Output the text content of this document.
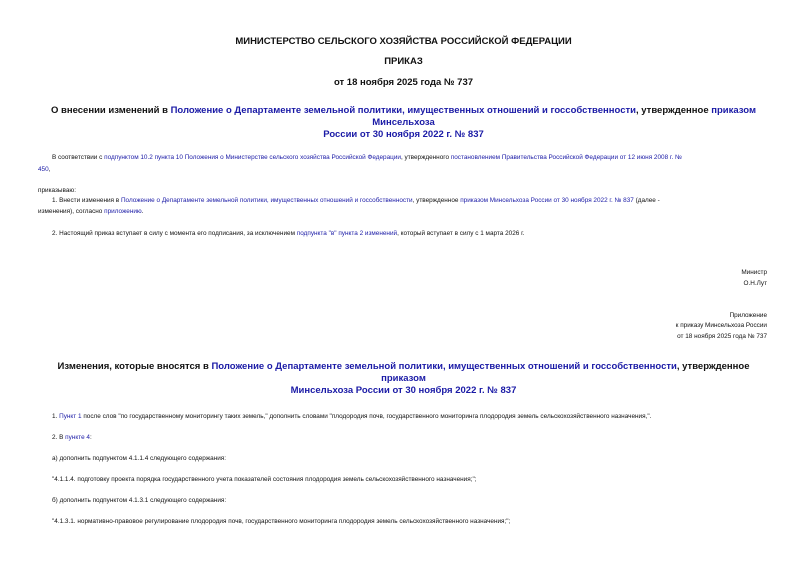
МИНИСТЕРСТВО СЕЛЬСКОГО ХОЗЯЙСТВА РОССИЙСКОЙ ФЕДЕРАЦИИ
ПРИКАЗ
от 18 ноября 2025 года № 737
О внесении изменений в Положение о Департаменте земельной политики, имущественных отношений и госсобственности, утвержденное приказом Минсельхоза
России от 30 ноября 2022 г. № 837
В соответствии с подпунктом 10.2 пункта 10 Положения о Министерстве сельского хозяйства Российской Федерации, утвержденного постановлением Правительства Российской Федерации от 12 июня 2008 г. №
450,
приказываю:
1. Внести изменения в Положение о Департаменте земельной политики, имущественных отношений и госсобственности, утвержденное приказом Минсельхоза России от 30 ноября 2022 г. № 837 (далее -
изменения), согласно приложению.
2. Настоящий приказ вступает в силу с момента его подписания, за исключением подпункта "в" пункта 2 изменений, который вступает в силу с 1 марта 2026 г.
Министр
О.Н.Лут
Приложение
к приказу Минсельхоза России
от 18 ноября 2025 года № 737
Изменения, которые вносятся в Положение о Департаменте земельной политики, имущественных отношений и госсобственности, утвержденное приказом
Минсельхоза России от 30 ноября 2022 г. № 837
1. Пункт 1 после слов "по государственному мониторингу таких земель," дополнить словами "плодородия почв, государственного мониторинга плодородия земель сельскохозяйственного назначения,".
2. В пункте 4:
а) дополнить подпунктом 4.1.1.4 следующего содержания:
"4.1.1.4. подготовку проекта порядка государственного учета показателей состояния плодородия земель сельскохозяйственного назначения;";
б) дополнить подпунктом 4.1.3.1 следующего содержания:
"4.1.3.1. нормативно-правовое регулирование плодородия почв, государственного мониторинга плодородия земель сельскохозяйственного назначения;";
